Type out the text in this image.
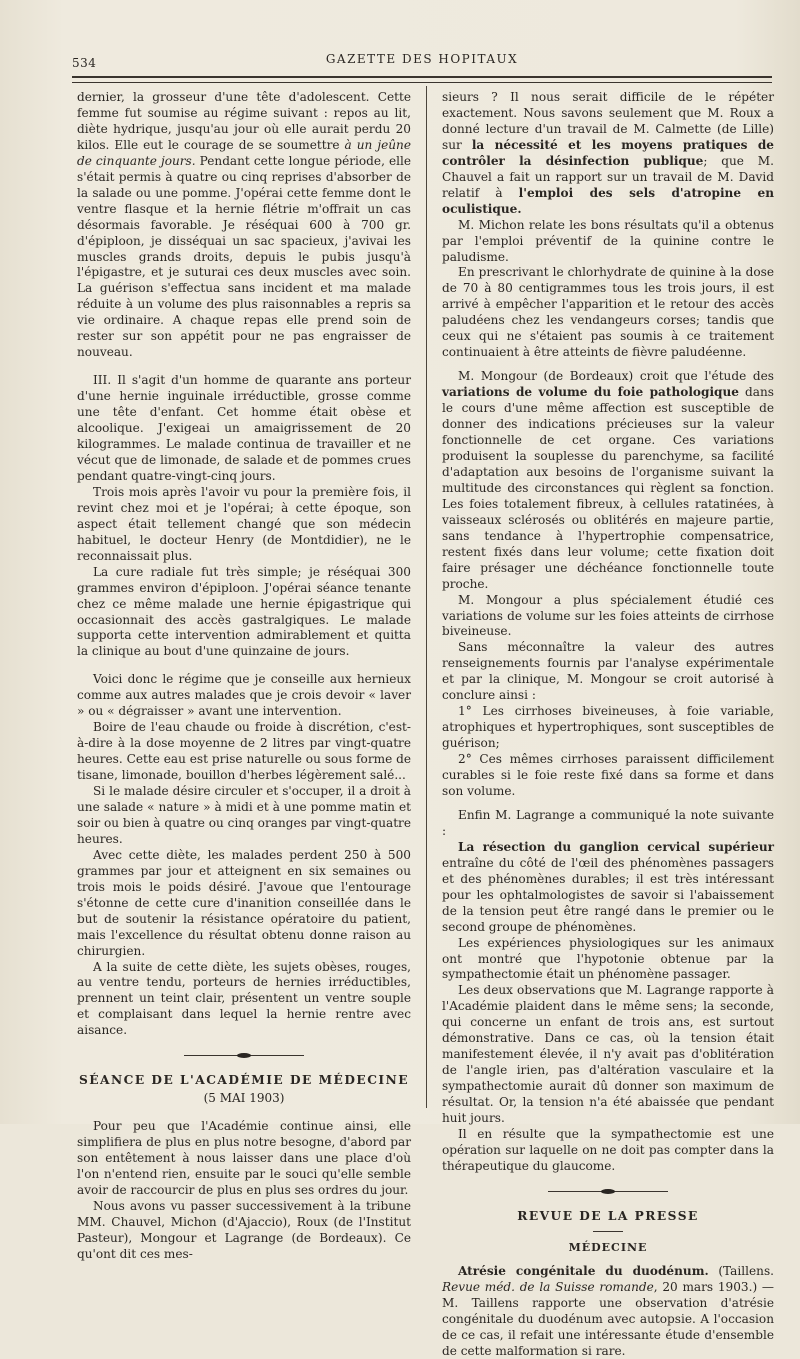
534	GAZETTE DES HOPITAUX

dernier, la grosseur d'une tête d'adolescent. Cette femme fut soumise au régime suivant : repos au lit, diète hydrique, jusqu'au jour où elle aurait perdu 20 kilos. Elle eut le courage de se soumettre à un jeûne de cinquante jours. Pendant cette longue période, elle s'était permis à quatre ou cinq reprises d'absorber de la salade ou une pomme. J'opérai cette femme dont le ventre flasque et la hernie flétrie m'offrait un cas désormais favorable. Je réséquai 600 à 700 gr. d'épiploon, je disséquai un sac spacieux, j'avivai les muscles grands droits, depuis le pubis jusqu'à l'épigastre, et je suturai ces deux muscles avec soin. La guérison s'effectua sans incident et ma malade réduite à un volume des plus raisonnables a repris sa vie ordinaire. A chaque repas elle prend soin de rester sur son appétit pour ne pas engraisser de nouveau.

III. Il s'agit d'un homme de quarante ans porteur d'une hernie inguinale irréductible, grosse comme une tête d'enfant. Cet homme était obèse et alcoolique. J'exigeai un amaigrissement de 20 kilogrammes. Le malade continua de travailler et ne vécut que de limonade, de salade et de pommes crues pendant quatre-vingt-cinq jours.

Trois mois après l'avoir vu pour la première fois, il revint chez moi et je l'opérai; à cette époque, son aspect était tellement changé que son médecin habituel, le docteur Henry (de Montdidier), ne le reconnaissait plus.

La cure radiale fut très simple; je réséquai 300 grammes environ d'épiploon. J'opérai séance tenante chez ce même malade une hernie épigastrique qui occasionnait des accès gastralgiques. Le malade supporta cette intervention admirablement et quitta la clinique au bout d'une quinzaine de jours.

Voici donc le régime que je conseille aux hernieux comme aux autres malades que je crois devoir « laver » ou « dégraisser » avant une intervention.

Boire de l'eau chaude ou froide à discrétion, c'est-à-dire à la dose moyenne de 2 litres par vingt-quatre heures. Cette eau est prise naturelle ou sous forme de tisane, limonade, bouillon d'herbes légèrement salé...

Si le malade désire circuler et s'occuper, il a droit à une salade « nature » à midi et à une pomme matin et soir ou bien à quatre ou cinq oranges par vingt-quatre heures.

Avec cette diète, les malades perdent 250 à 500 grammes par jour et atteignent en six semaines ou trois mois le poids désiré. J'avoue que l'entourage s'étonne de cette cure d'inanition conseillée dans le but de soutenir la résistance opératoire du patient, mais l'excellence du résultat obtenu donne raison au chirurgien.

A la suite de cette diète, les sujets obèses, rouges, au ventre tendu, porteurs de hernies irréductibles, prennent un teint clair, présentent un ventre souple et complaisant dans lequel la hernie rentre avec aisance.

SÉANCE DE L'ACADÉMIE DE MÉDECINE
(5 MAI 1903)

Pour peu que l'Académie continue ainsi, elle simplifiera de plus en plus notre besogne, d'abord par son entêtement à nous laisser dans une place d'où l'on n'entend rien, ensuite par le souci qu'elle semble avoir de raccourcir de plus en plus ses ordres du jour.

Nous avons vu passer successivement à la tribune MM. Chauvel, Michon (d'Ajaccio), Roux (de l'Institut Pasteur), Mongour et Lagrange (de Bordeaux). Ce qu'ont dit ces mes-

sieurs ? Il nous serait difficile de le répéter exactement. Nous savons seulement que M. Roux a donné lecture d'un travail de M. Calmette (de Lille) sur la nécessité et les moyens pratiques de contrôler la désinfection publique; que M. Chauvel a fait un rapport sur un travail de M. David relatif à l'emploi des sels d'atropine en oculistique.

M. Michon relate les bons résultats qu'il a obtenus par l'emploi préventif de la quinine contre le paludisme.

En prescrivant le chlorhydrate de quinine à la dose de 70 à 80 centigrammes tous les trois jours, il est arrivé à empêcher l'apparition et le retour des accès paludéens chez les vendangeurs corses; tandis que ceux qui ne s'étaient pas soumis à ce traitement continuaient à être atteints de fièvre paludéenne.

M. Mongour (de Bordeaux) croit que l'étude des variations de volume du foie pathologique dans le cours d'une même affection est susceptible de donner des indications précieuses sur la valeur fonctionnelle de cet organe. Ces variations produisent la souplesse du parenchyme, sa facilité d'adaptation aux besoins de l'organisme suivant la multitude des circonstances qui règlent sa fonction. Les foies totalement fibreux, à cellules ratatinées, à vaisseaux sclérosés ou oblitérés en majeure partie, sans tendance à l'hypertrophie compensatrice, restent fixés dans leur volume; cette fixation doit faire présager une déchéance fonctionnelle toute proche.

M. Mongour a plus spécialement étudié ces variations de volume sur les foies atteints de cirrhose biveineuse.

Sans méconnaître la valeur des autres renseignements fournis par l'analyse expérimentale et par la clinique, M. Mongour se croit autorisé à conclure ainsi :

1° Les cirrhoses biveineuses, à foie variable, atrophiques et hypertrophiques, sont susceptibles de guérison;

2° Ces mêmes cirrhoses paraissent difficilement curables si le foie reste fixé dans sa forme et dans son volume.

Enfin M. Lagrange a communiqué la note suivante :

La résection du ganglion cervical supérieur entraîne du côté de l'œil des phénomènes passagers et des phénomènes durables; il est très intéressant pour les ophtalmologistes de savoir si l'abaissement de la tension peut être rangé dans le premier ou le second groupe de phénomènes.

Les expériences physiologiques sur les animaux ont montré que l'hypotonie obtenue par la sympathectomie était un phénomène passager.

Les deux observations que M. Lagrange rapporte à l'Académie plaident dans le même sens; la seconde, qui concerne un enfant de trois ans, est surtout démonstrative. Dans ce cas, où la tension était manifestement élevée, il n'y avait pas d'oblitération de l'angle irien, pas d'altération vasculaire et la sympathectomie aurait dû donner son maximum de résultat. Or, la tension n'a été abaissée que pendant huit jours.

Il en résulte que la sympathectomie est une opération sur laquelle on ne doit pas compter dans la thérapeutique du glaucome.

REVUE DE LA PRESSE
MÉDECINE

Atrésie congénitale du duodénum. (Taillens. Revue méd. de la Suisse romande, 20 mars 1903.) — M. Taillens rapporte une observation d'atrésie congénitale du duodénum avec autopsie. A l'occasion de ce cas, il refait une intéressante étude d'ensemble de cette malformation si rare.
